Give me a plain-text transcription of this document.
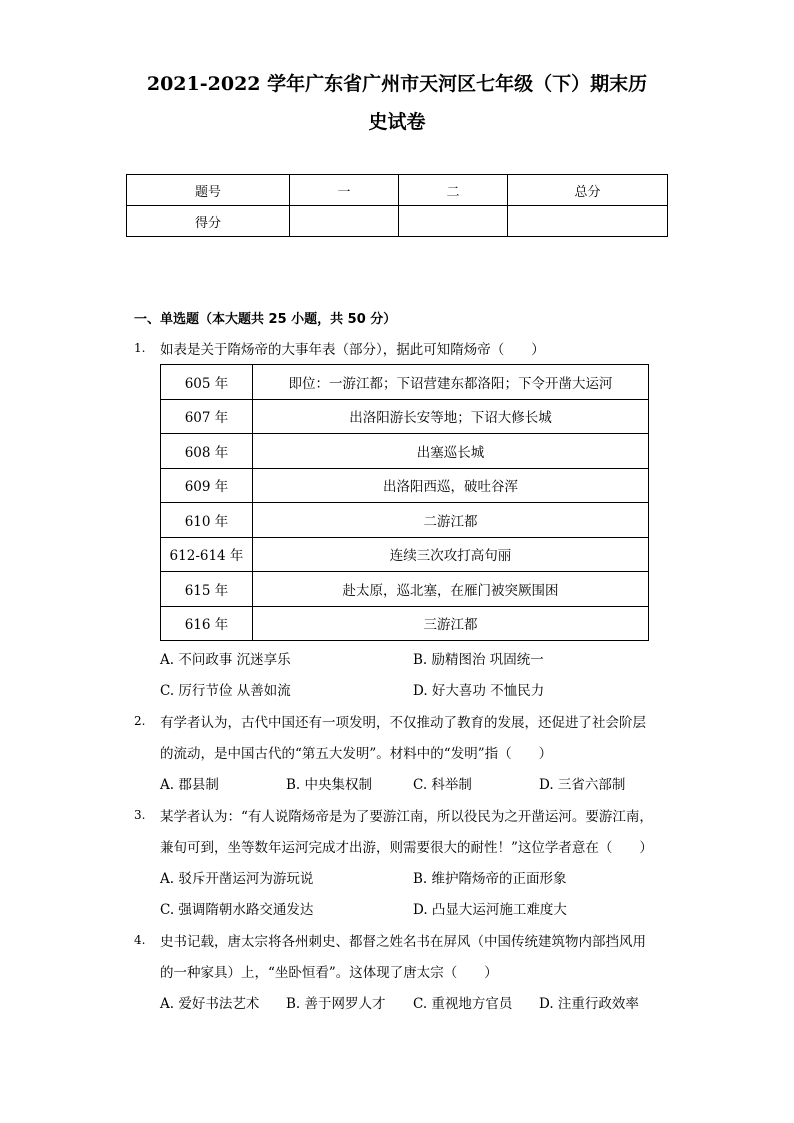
2021-2022 学年广东省广州市天河区七年级（下）期末历
史试卷
题号	一	二	总分
得分			
一、单选题（本大题共 25 小题，共 50 分）
1. 如表是关于隋炀帝的大事年表（部分），据此可知隋炀帝（　　）
605 年	即位：一游江都；下诏营建东都洛阳；下令开凿大运河
607 年	出洛阳游长安等地；下诏大修长城
608 年	出塞巡长城
609 年	出洛阳西巡，破吐谷浑
610 年	二游江都
612-614 年	连续三次攻打高句丽
615 年	赴太原，巡北塞，在雁门被突厥围困
616 年	三游江都
A. 不问政事 沉迷享乐	B. 励精图治 巩固统一
C. 厉行节俭 从善如流	D. 好大喜功 不恤民力
2. 有学者认为，古代中国还有一项发明，不仅推动了教育的发展，还促进了社会阶层
的流动，是中国古代的“第五大发明”。材料中的“发明”指（　　）
A. 郡县制	B. 中央集权制	C. 科举制	D. 三省六部制
3. 某学者认为：“有人说隋炀帝是为了要游江南，所以役民为之开凿运河。要游江南，
兼旬可到，坐等数年运河完成才出游，则需要很大的耐性！”这位学者意在（　　）
A. 驳斥开凿运河为游玩说	B. 维护隋炀帝的正面形象
C. 强调隋朝水路交通发达	D. 凸显大运河施工难度大
4. 史书记载，唐太宗将各州刺史、都督之姓名书在屏风（中国传统建筑物内部挡风用
的一种家具）上，“坐卧恒看”。这体现了唐太宗（　　）
A. 爱好书法艺术 B. 善于网罗人才 C. 重视地方官员 D. 注重行政效率
